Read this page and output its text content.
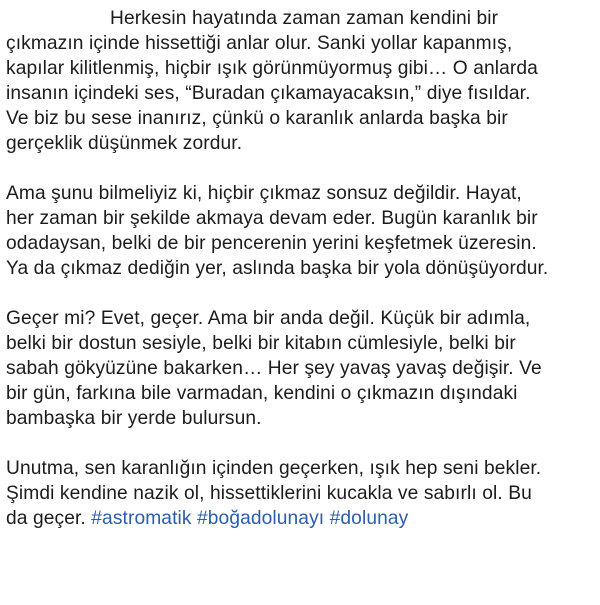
Herkesin hayatında zaman zaman kendini bir
çıkmazın içinde hissettiği anlar olur. Sanki yollar kapanmış,
kapılar kilitlenmiş, hiçbir ışık görünmüyormuş gibi… O anlarda
insanın içindeki ses, “Buradan çıkamayacaksın,” diye fısıldar.
Ve biz bu sese inanırız, çünkü o karanlık anlarda başka bir
gerçeklik düşünmek zordur.
Ama şunu bilmeliyiz ki, hiçbir çıkmaz sonsuz değildir. Hayat,
her zaman bir şekilde akmaya devam eder. Bugün karanlık bir
odadaysan, belki de bir pencerenin yerini keşfetmek üzeresin.
Ya da çıkmaz dediğin yer, aslında başka bir yola dönüşüyordur.
Geçer mi? Evet, geçer. Ama bir anda değil. Küçük bir adımla,
belki bir dostun sesiyle, belki bir kitabın cümlesiyle, belki bir
sabah gökyüzüne bakarken… Her şey yavaş yavaş değişir. Ve
bir gün, farkına bile varmadan, kendini o çıkmazın dışındaki
bambaşka bir yerde bulursun.
Unutma, sen karanlığın içinden geçerken, ışık hep seni bekler.
Şimdi kendine nazik ol, hissettiklerini kucakla ve sabırlı ol. Bu
da geçer. #astromatik #boğadolunayı #dolunay
